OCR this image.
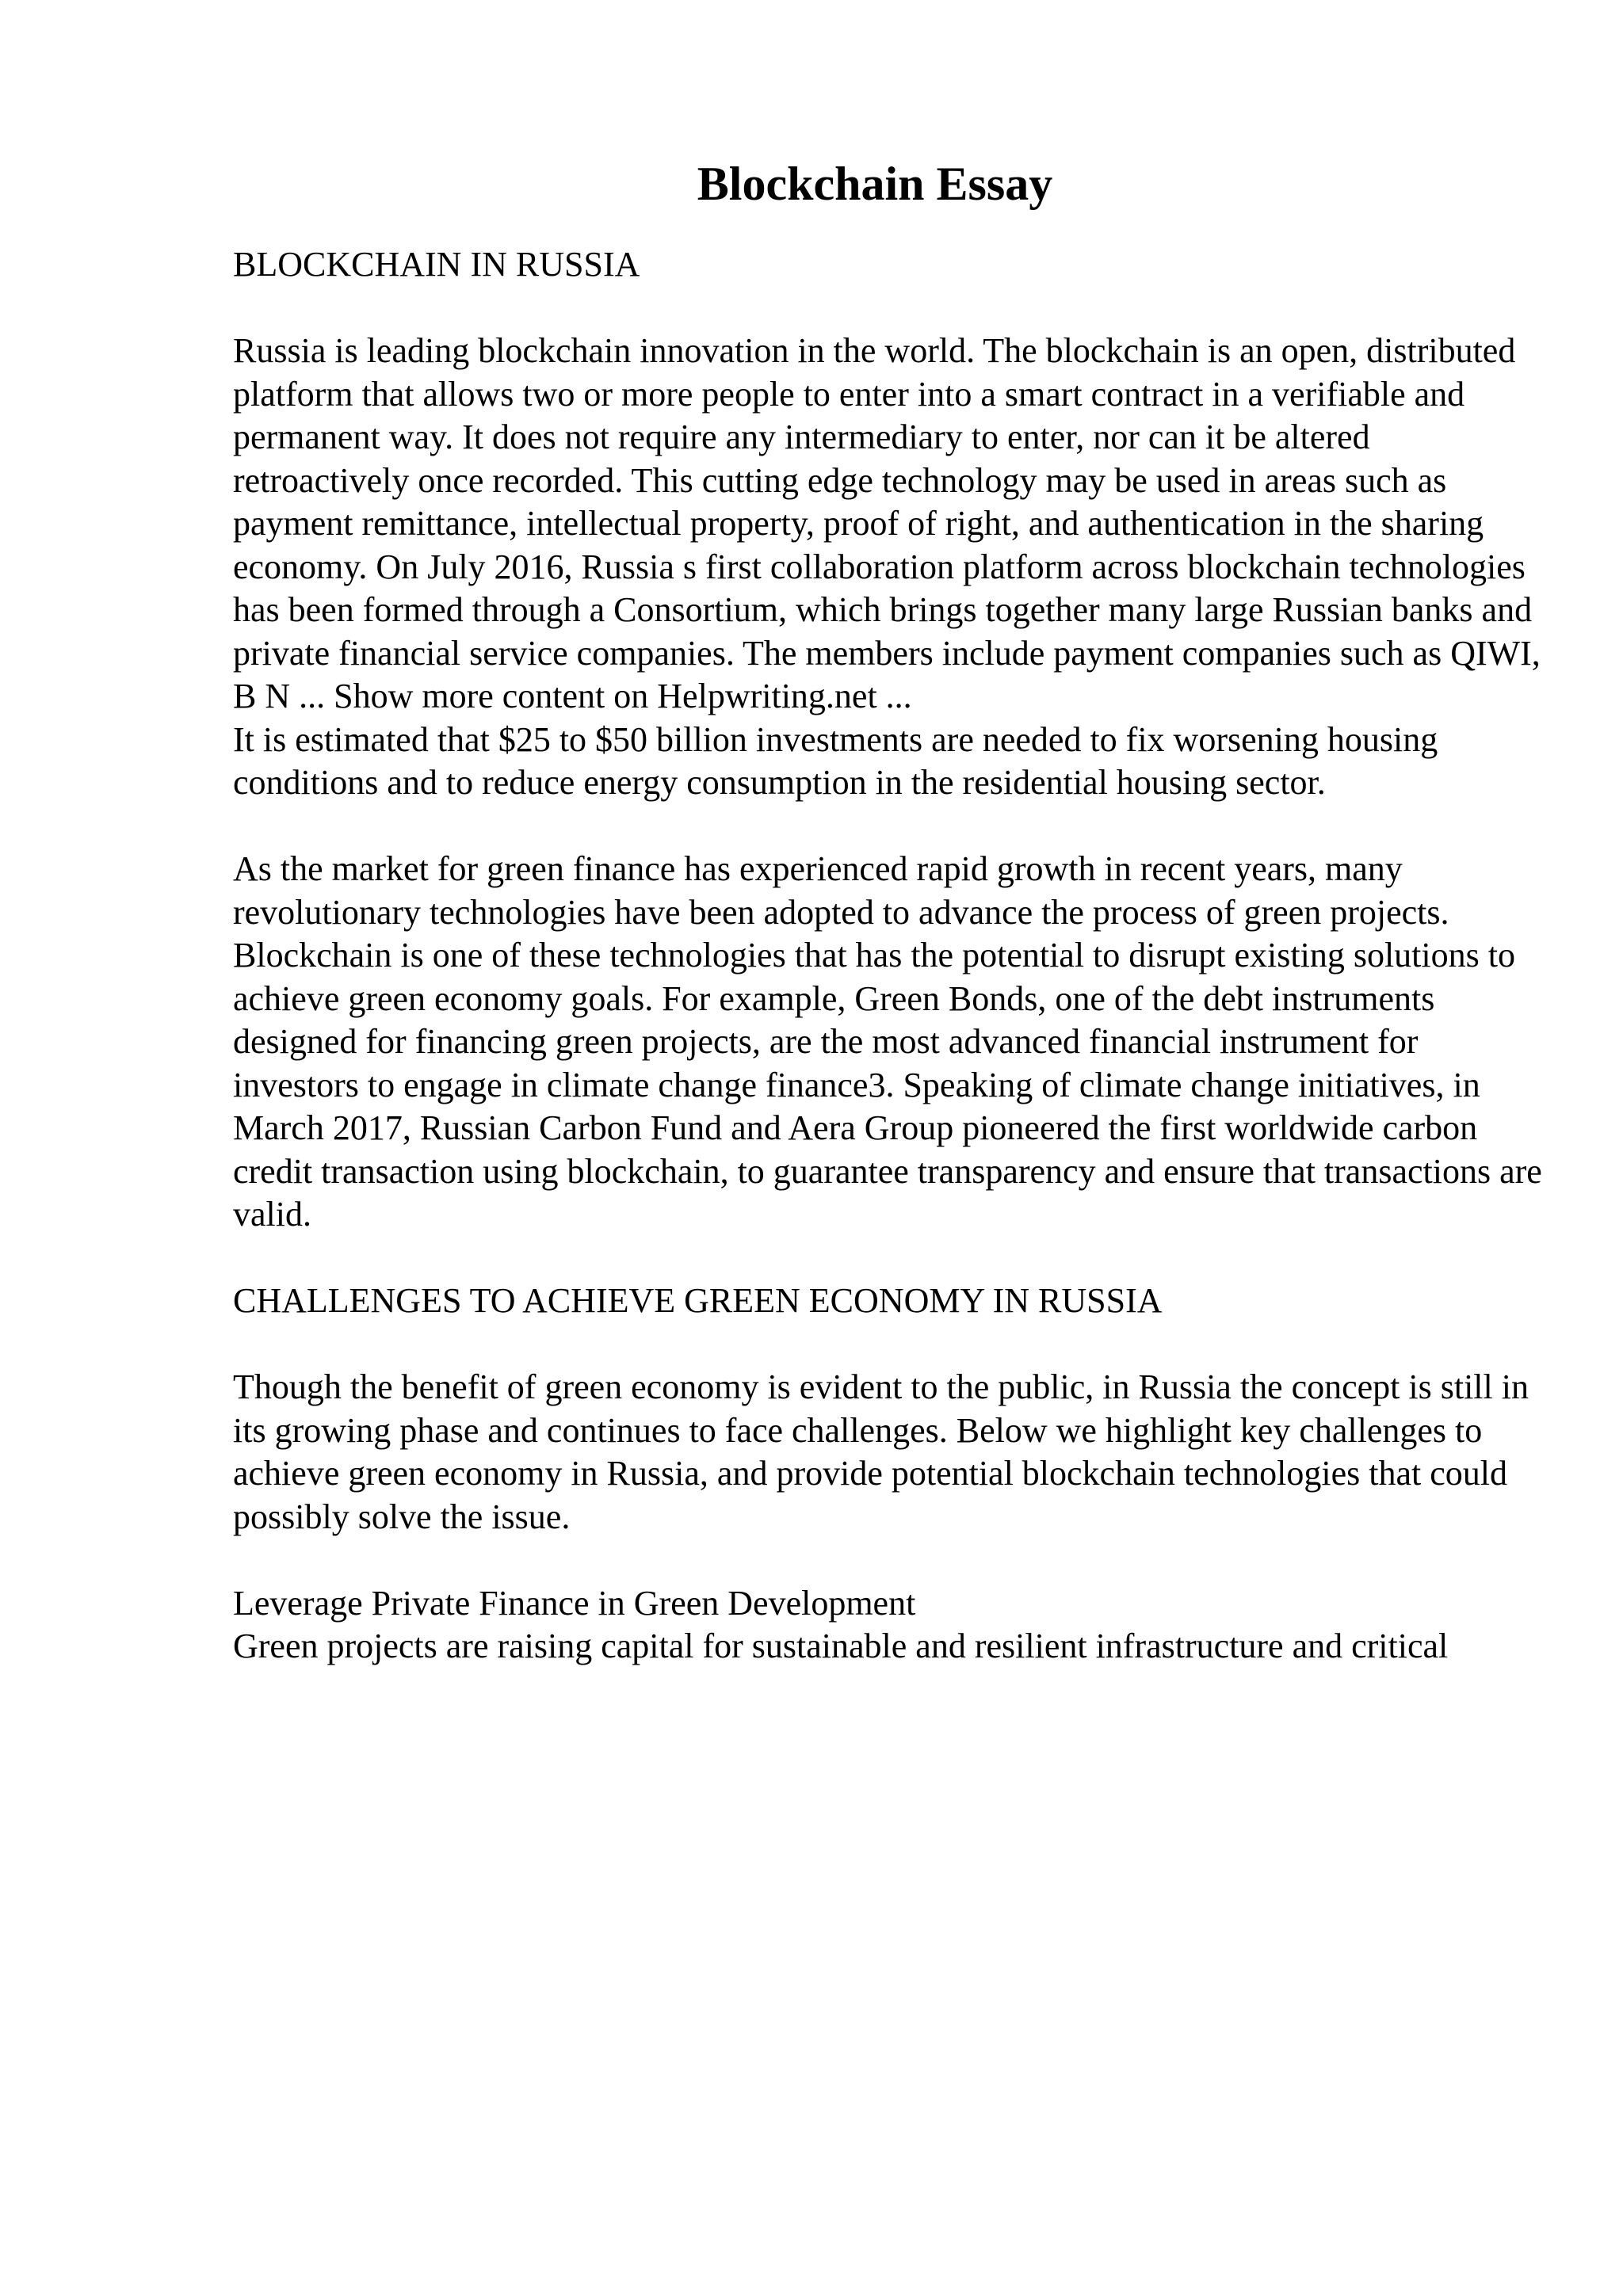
Blockchain Essay

BLOCKCHAIN IN RUSSIA

Russia is leading blockchain innovation in the world. The blockchain is an open, distributed platform that allows two or more people to enter into a smart contract in a verifiable and permanent way. It does not require any intermediary to enter, nor can it be altered retroactively once recorded. This cutting edge technology may be used in areas such as payment remittance, intellectual property, proof of right, and authentication in the sharing economy. On July 2016, Russia s first collaboration platform across blockchain technologies has been formed through a Consortium, which brings together many large Russian banks and private financial service companies. The members include payment companies such as QIWI, B N ... Show more content on Helpwriting.net ...

It is estimated that $25 to $50 billion investments are needed to fix worsening housing conditions and to reduce energy consumption in the residential housing sector.

As the market for green finance has experienced rapid growth in recent years, many revolutionary technologies have been adopted to advance the process of green projects. Blockchain is one of these technologies that has the potential to disrupt existing solutions to achieve green economy goals. For example, Green Bonds, one of the debt instruments designed for financing green projects, are the most advanced financial instrument for investors to engage in climate change finance3. Speaking of climate change initiatives, in March 2017, Russian Carbon Fund and Aera Group pioneered the first worldwide carbon credit transaction using blockchain, to guarantee transparency and ensure that transactions are valid.

CHALLENGES TO ACHIEVE GREEN ECONOMY IN RUSSIA

Though the benefit of green economy is evident to the public, in Russia the concept is still in its growing phase and continues to face challenges. Below we highlight key challenges to achieve green economy in Russia, and provide potential blockchain technologies that could possibly solve the issue.

Leverage Private Finance in Green Development

Green projects are raising capital for sustainable and resilient infrastructure and critical
